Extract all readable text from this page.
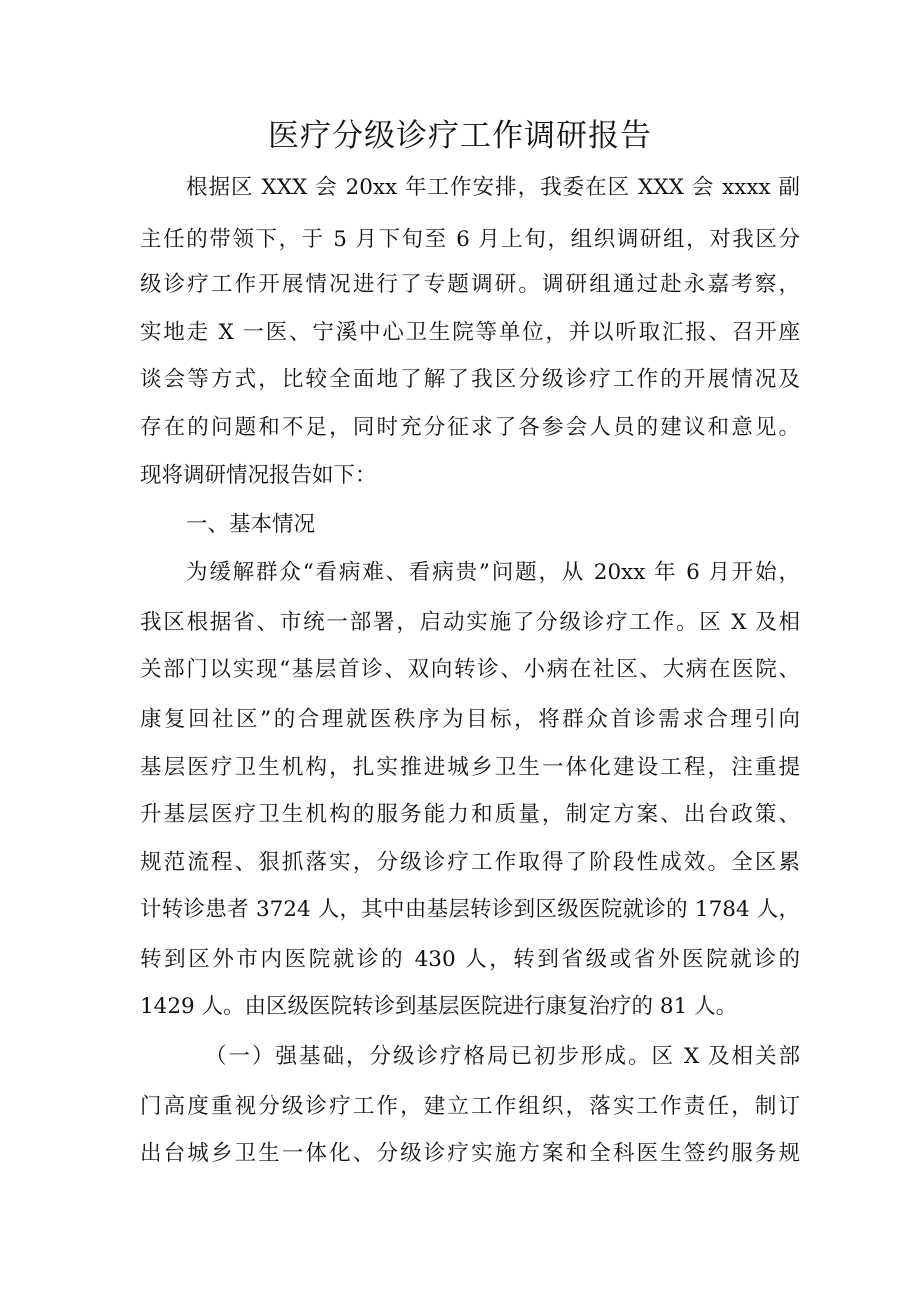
医疗分级诊疗工作调研报告
根据区 XXX 会 20xx 年工作安排，我委在区 XXX 会 xxxx 副
主任的带领下，于 5 月下旬至 6 月上旬，组织调研组，对我区分
级诊疗工作开展情况进行了专题调研。调研组通过赴永嘉考察，
实地走 X 一医、宁溪中心卫生院等单位，并以听取汇报、召开座
谈会等方式，比较全面地了解了我区分级诊疗工作的开展情况及
存在的问题和不足，同时充分征求了各参会人员的建议和意见。
现将调研情况报告如下：
一、基本情况
为缓解群众“看病难、看病贵”问题，从 20xx 年 6 月开始，
我区根据省、市统一部署，启动实施了分级诊疗工作。区 X 及相
关部门以实现“基层首诊、双向转诊、小病在社区、大病在医院、
康复回社区”的合理就医秩序为目标，将群众首诊需求合理引向
基层医疗卫生机构，扎实推进城乡卫生一体化建设工程，注重提
升基层医疗卫生机构的服务能力和质量，制定方案、出台政策、
规范流程、狠抓落实，分级诊疗工作取得了阶段性成效。全区累
计转诊患者 3724 人，其中由基层转诊到区级医院就诊的 1784 人，
转到区外市内医院就诊的 430 人，转到省级或省外医院就诊的
1429 人。由区级医院转诊到基层医院进行康复治疗的 81 人。
（一）强基础，分级诊疗格局已初步形成。区 X 及相关部
门高度重视分级诊疗工作，建立工作组织，落实工作责任，制订
出台城乡卫生一体化、分级诊疗实施方案和全科医生签约服务规
